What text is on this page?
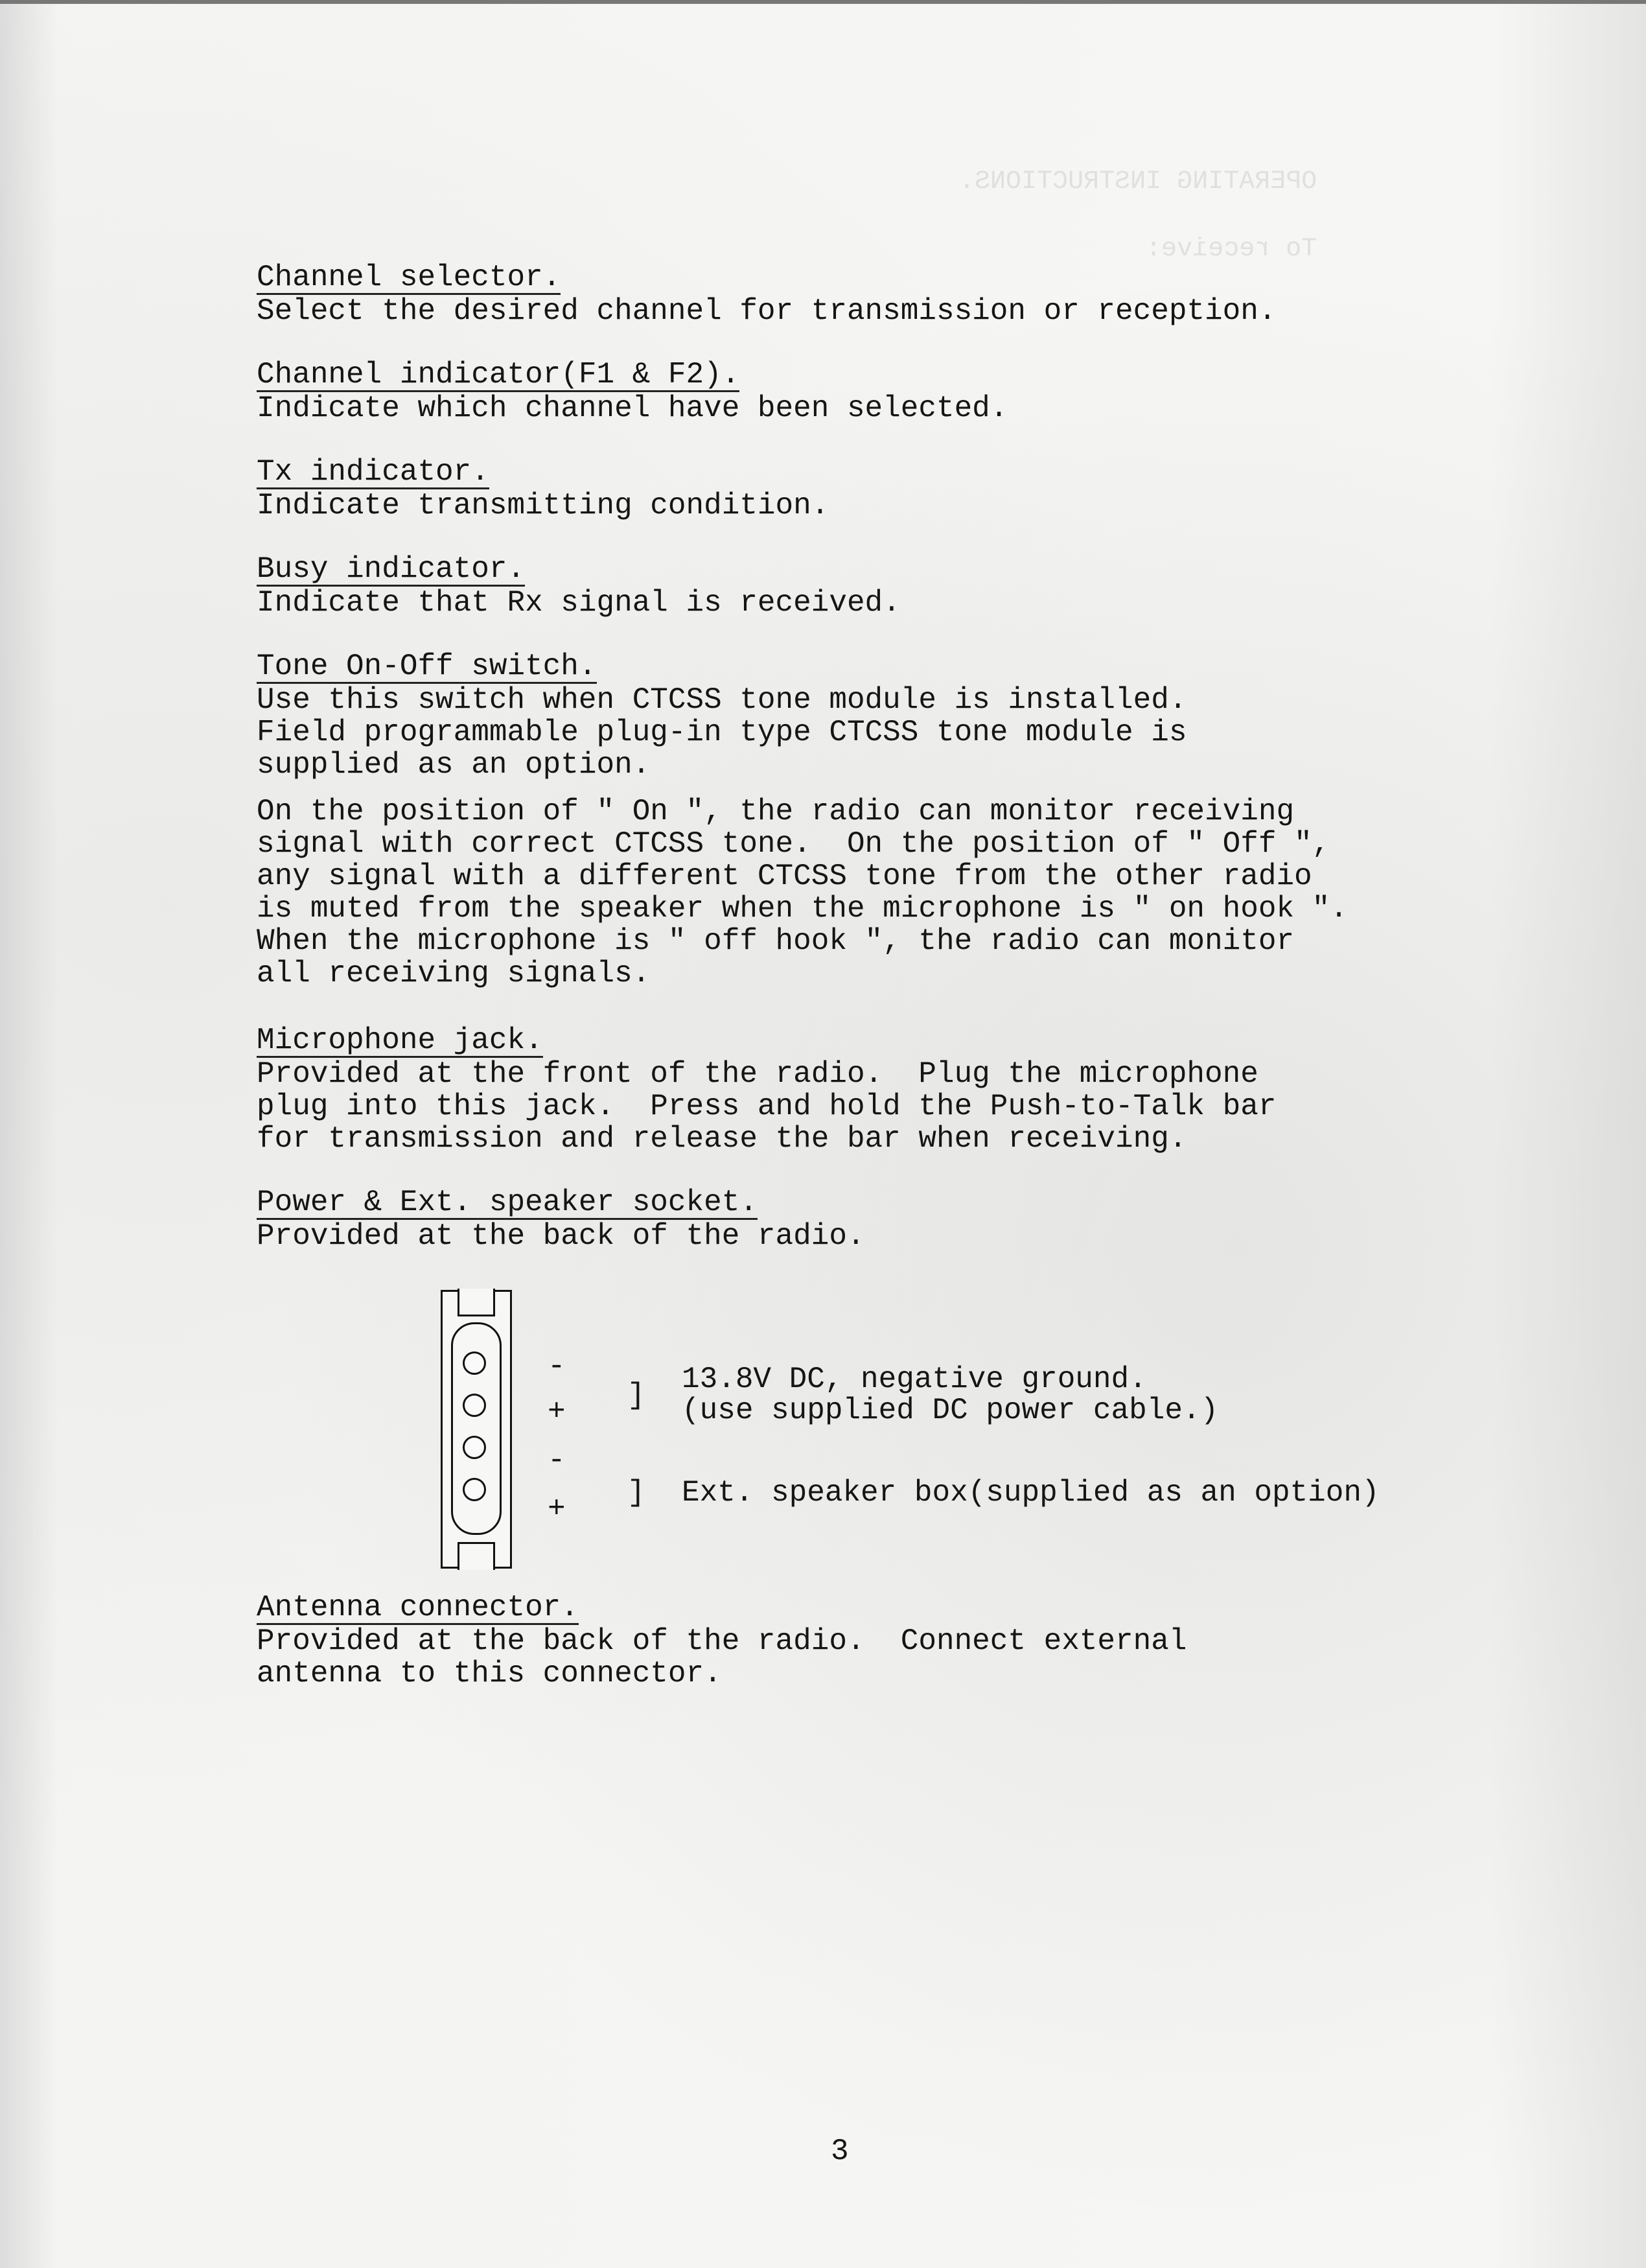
OPERATING INSTRUCTIONS.

To receive:
Channel selector.
Select the desired channel for transmission or reception.
Channel indicator(F1 & F2).
Indicate which channel have been selected.
Tx indicator.
Indicate transmitting condition.
Busy indicator.
Indicate that Rx signal is received.
Tone On-Off switch.
Use this switch when CTCSS tone module is installed.
Field programmable plug-in type CTCSS tone module is
supplied as an option.
On the position of " On ", the radio can monitor receiving
signal with correct CTCSS tone.  On the position of " Off ",
any signal with a different CTCSS tone from the other radio
is muted from the speaker when the microphone is " on hook ".
When the microphone is " off hook ", the radio can monitor
all receiving signals.
Microphone jack.
Provided at the front of the radio.  Plug the microphone
plug into this jack.  Press and hold the Push-to-Talk bar
for transmission and release the bar when receiving.
Power & Ext. speaker socket.
Provided at the back of the radio.
-
+
-
+
]
]
13.8V DC, negative ground.
(use supplied DC power cable.)
Ext. speaker box(supplied as an option)
Antenna connector.
Provided at the back of the radio.  Connect external
antenna to this connector.
3
